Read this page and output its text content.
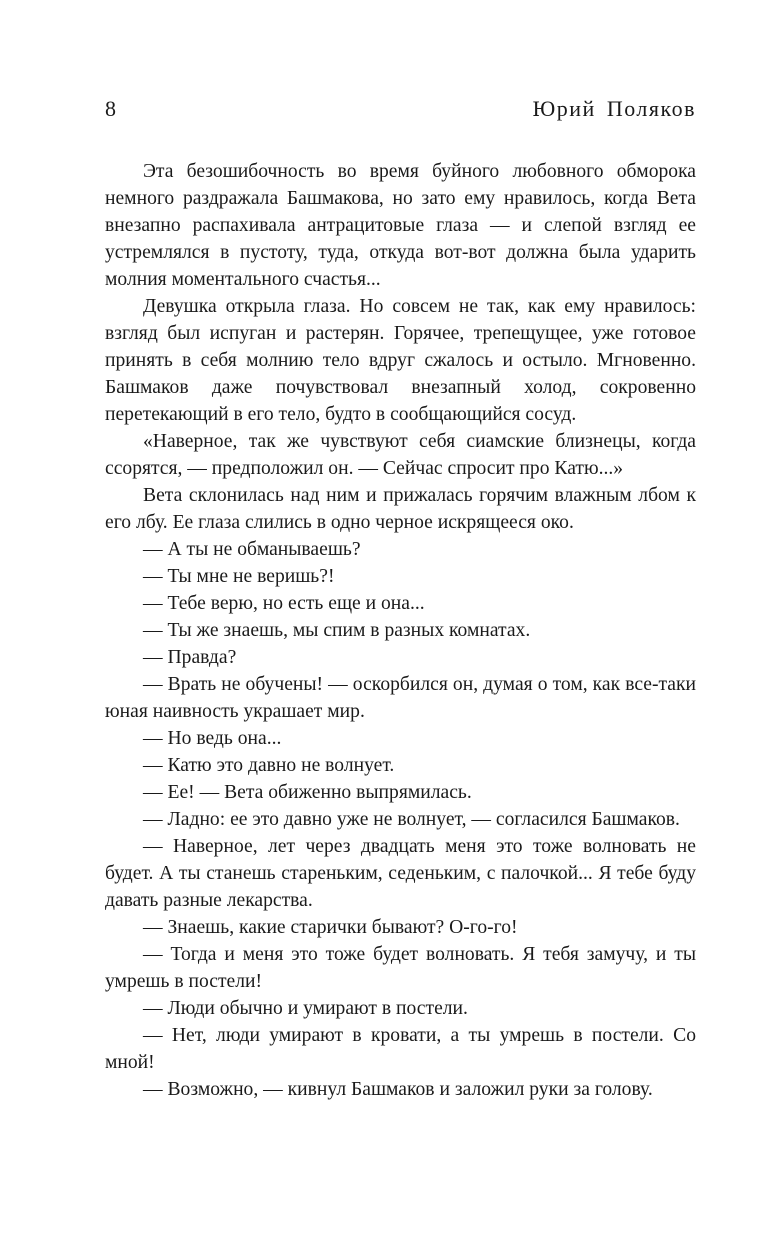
8	Юрий Поляков

Эта безошибочность во время буйного любовного обморока немного раздражала Башмакова, но зато ему нравилось, когда Вета внезапно распахивала антрацитовые глаза — и слепой взгляд ее устремлялся в пустоту, туда, откуда вот-вот должна была ударить молния моментального счастья...

Девушка открыла глаза. Но совсем не так, как ему нравилось: взгляд был испуган и растерян. Горячее, трепещущее, уже готовое принять в себя молнию тело вдруг сжалось и остыло. Мгновенно. Башмаков даже почувствовал внезапный холод, сокровенно перетекающий в его тело, будто в сообщающийся сосуд.

«Наверное, так же чувствуют себя сиамские близнецы, когда ссорятся, — предположил он. — Сейчас спросит про Катю...»

Вета склонилась над ним и прижалась горячим влажным лбом к его лбу. Ее глаза слились в одно черное искрящееся око.

— А ты не обманываешь?

— Ты мне не веришь?!

— Тебе верю, но есть еще и она...

— Ты же знаешь, мы спим в разных комнатах.

— Правда?

— Врать не обучены! — оскорбился он, думая о том, как все-таки юная наивность украшает мир.

— Но ведь она...

— Катю это давно не волнует.

— Ее! — Вета обиженно выпрямилась.

— Ладно: ее это давно уже не волнует, — согласился Башмаков.

— Наверное, лет через двадцать меня это тоже волновать не будет. А ты станешь стареньким, седеньким, с палочкой... Я тебе буду давать разные лекарства.

— Знаешь, какие старички бывают? О-го-го!

— Тогда и меня это тоже будет волновать. Я тебя замучу, и ты умрешь в постели!

— Люди обычно и умирают в постели.

— Нет, люди умирают в кровати, а ты умрешь в постели. Со мной!

— Возможно, — кивнул Башмаков и заложил руки за голову.
